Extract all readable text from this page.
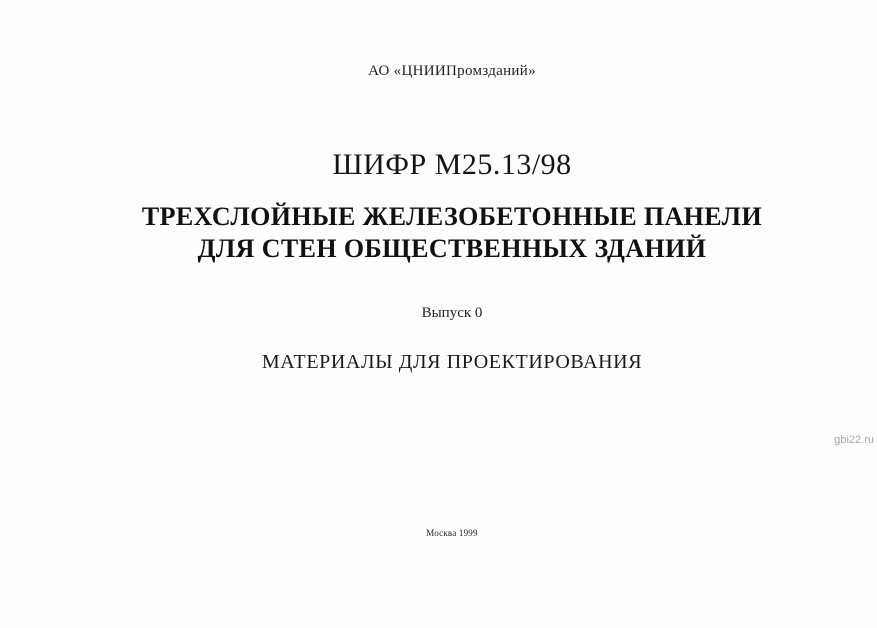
АО «ЦНИИПромзданий»
ШИФР М25.13/98
ТРЕХСЛОЙНЫЕ ЖЕЛЕЗОБЕТОННЫЕ ПАНЕЛИ
ДЛЯ СТЕН ОБЩЕСТВЕННЫХ ЗДАНИЙ
Выпуск 0
МАТЕРИАЛЫ ДЛЯ ПРОЕКТИРОВАНИЯ
Москва 1999
gbi22.ru
